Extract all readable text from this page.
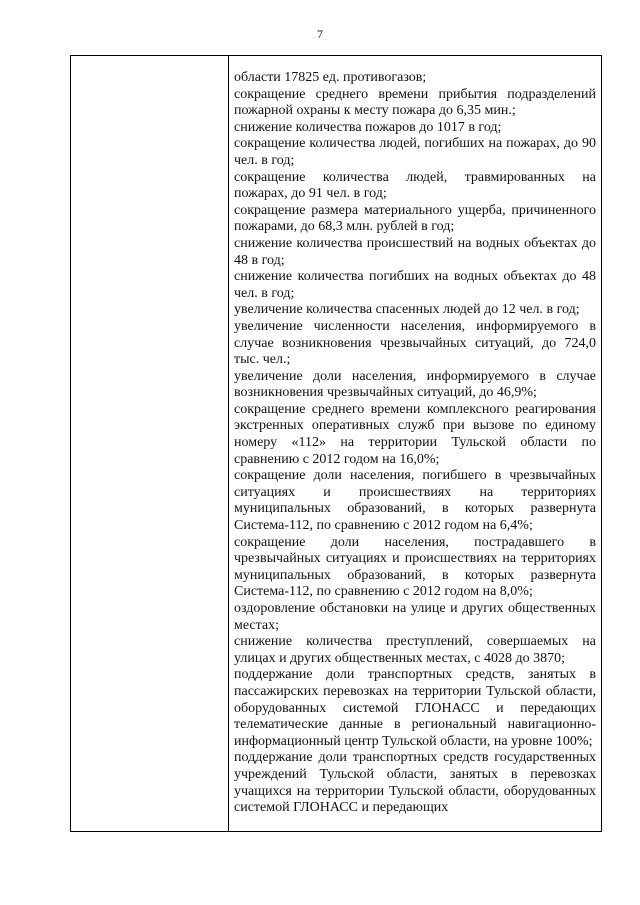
7

области 17825 ед. противогазов;
сокращение среднего времени прибытия подразделений пожарной охраны к месту пожара до 6,35 мин.;
снижение количества пожаров до 1017 в год;
сокращение количества людей, погибших на пожарах, до 90 чел. в год;
сокращение количества людей, травмированных на пожарах, до 91 чел. в год;
сокращение размера материального ущерба, причиненного пожарами, до 68,3 млн. рублей в год;
снижение количества происшествий на водных объектах до 48 в год;
снижение количества погибших на водных объектах до 48 чел. в год;
увеличение количества спасенных людей до 12 чел. в год;
увеличение численности населения, информируемого в случае возникновения чрезвычайных ситуаций, до 724,0 тыс. чел.;
увеличение доли населения, информируемого в случае возникновения чрезвычайных ситуаций, до 46,9%;
сокращение среднего времени комплексного реагирования экстренных оперативных служб при вызове по единому номеру «112» на территории Тульской области по сравнению с 2012 годом на 16,0%;
сокращение доли населения, погибшего в чрезвычайных ситуациях и происшествиях на территориях муниципальных образований, в которых развернута Система-112, по сравнению с 2012 годом на 6,4%;
сокращение доли населения, пострадавшего в чрезвычайных ситуациях и происшествиях на территориях муниципальных образований, в которых развернута Система-112, по сравнению с 2012 годом на 8,0%;
оздоровление обстановки на улице и других общественных местах;
снижение количества преступлений, совершаемых на улицах и других общественных местах, с 4028 до 3870;
поддержание доли транспортных средств, занятых в пассажирских перевозках на территории Тульской области, оборудованных системой ГЛОНАСС и передающих телематические данные в региональный навигационно-информационный центр Тульской области, на уровне 100%;
поддержание доли транспортных средств государственных учреждений Тульской области, занятых в перевозках учащихся на территории Тульской области, оборудованных системой ГЛОНАСС и передающих
